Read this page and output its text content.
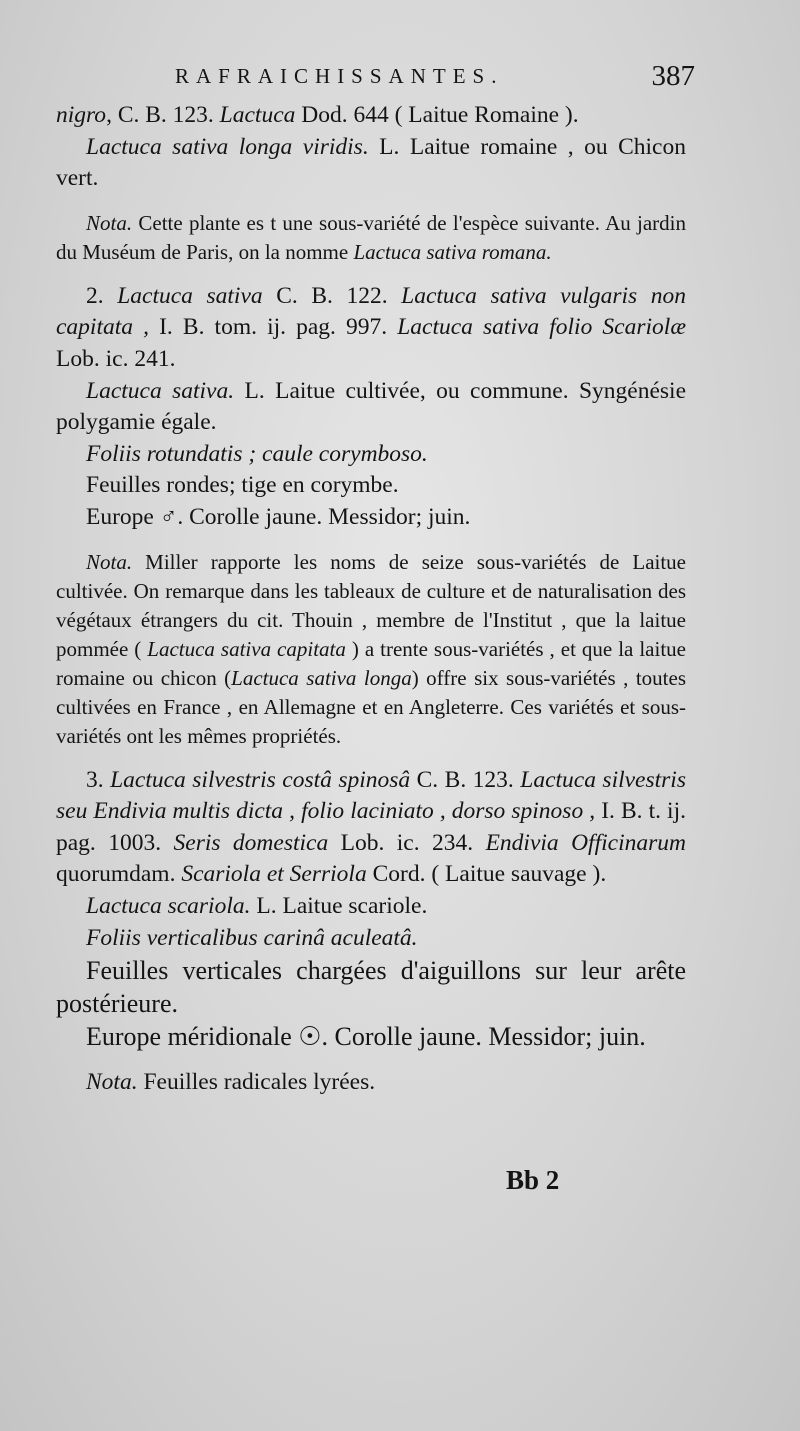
RAFRAICHISSANTES.	387

nigro, C. B. 123. Lactuca Dod. 644 ( Laitue Romaine ).

Lactuca sativa longa viridis. L. Laitue romaine , ou Chicon vert.

Nota. Cette plante es t une sous-variété de l'espèce suivante. Au jardin du Muséum de Paris, on la nomme Lactuca sativa romana.

2. Lactuca sativa C. B. 122. Lactuca sativa vulgaris non capitata , I. B. tom. ij. pag. 997. Lactuca sativa folio Scariolæ Lob. ic. 241.

Lactuca sativa. L. Laitue cultivée, ou commune. Syngénésie polygamie égale.

Foliis rotundatis ; caule corymboso.

Feuilles rondes; tige en corymbe.

Europe ♂. Corolle jaune. Messidor; juin.

Nota. Miller rapporte les noms de seize sous-variétés de Laitue cultivée. On remarque dans les tableaux de culture et de naturalisation des végétaux étrangers du cit. Thouin , membre de l'Institut , que la laitue pommée ( Lactuca sativa capitata ) a trente sous-variétés , et que la laitue romaine ou chicon (Lactuca sativa longa) offre six sous-variétés , toutes cultivées en France , en Allemagne et en Angleterre. Ces variétés et sous-variétés ont les mêmes propriétés.

3. Lactuca silvestris costâ spinosâ C. B. 123. Lactuca silvestris seu Endivia multis dicta , folio laciniato , dorso spinoso , I. B. t. ij. pag. 1003. Seris domestica Lob. ic. 234. Endivia Officinarum quorumdam. Scariola et Serriola Cord. ( Laitue sauvage ).

Lactuca scariola. L. Laitue scariole.

Foliis verticalibus carinâ aculeatâ.

Feuilles verticales chargées d'aiguillons sur leur arête postérieure.

Europe méridionale ☉. Corolle jaune. Messidor; juin.

Nota. Feuilles radicales lyrées.

Bb 2
